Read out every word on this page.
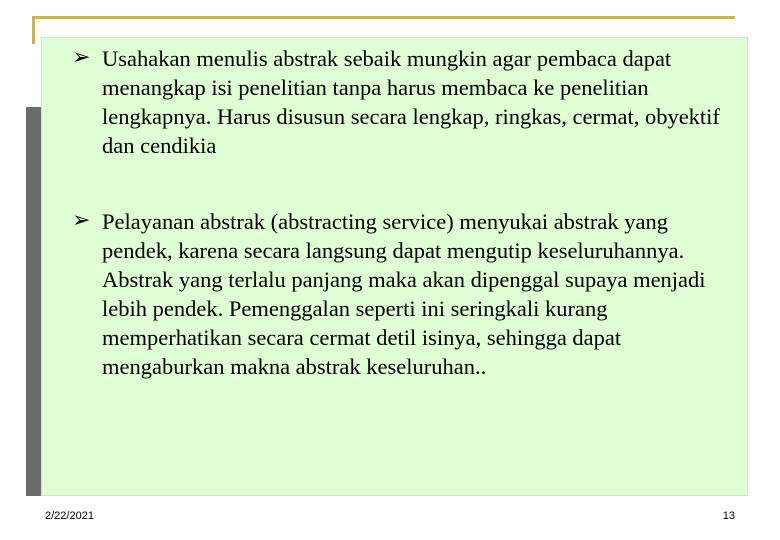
➢ Usahakan menulis abstrak sebaik mungkin agar pembaca dapat menangkap isi penelitian tanpa harus membaca ke penelitian lengkapnya. Harus disusun secara lengkap, ringkas, cermat, obyektif dan cendikia
➢ Pelayanan abstrak (abstracting service) menyukai abstrak yang pendek, karena secara langsung dapat mengutip keseluruhannya. Abstrak yang terlalu panjang maka akan dipenggal supaya menjadi lebih pendek. Pemenggalan seperti ini seringkali kurang memperhatikan secara cermat detil isinya, sehingga dapat mengaburkan makna abstrak keseluruhan..
2/22/2021	13
